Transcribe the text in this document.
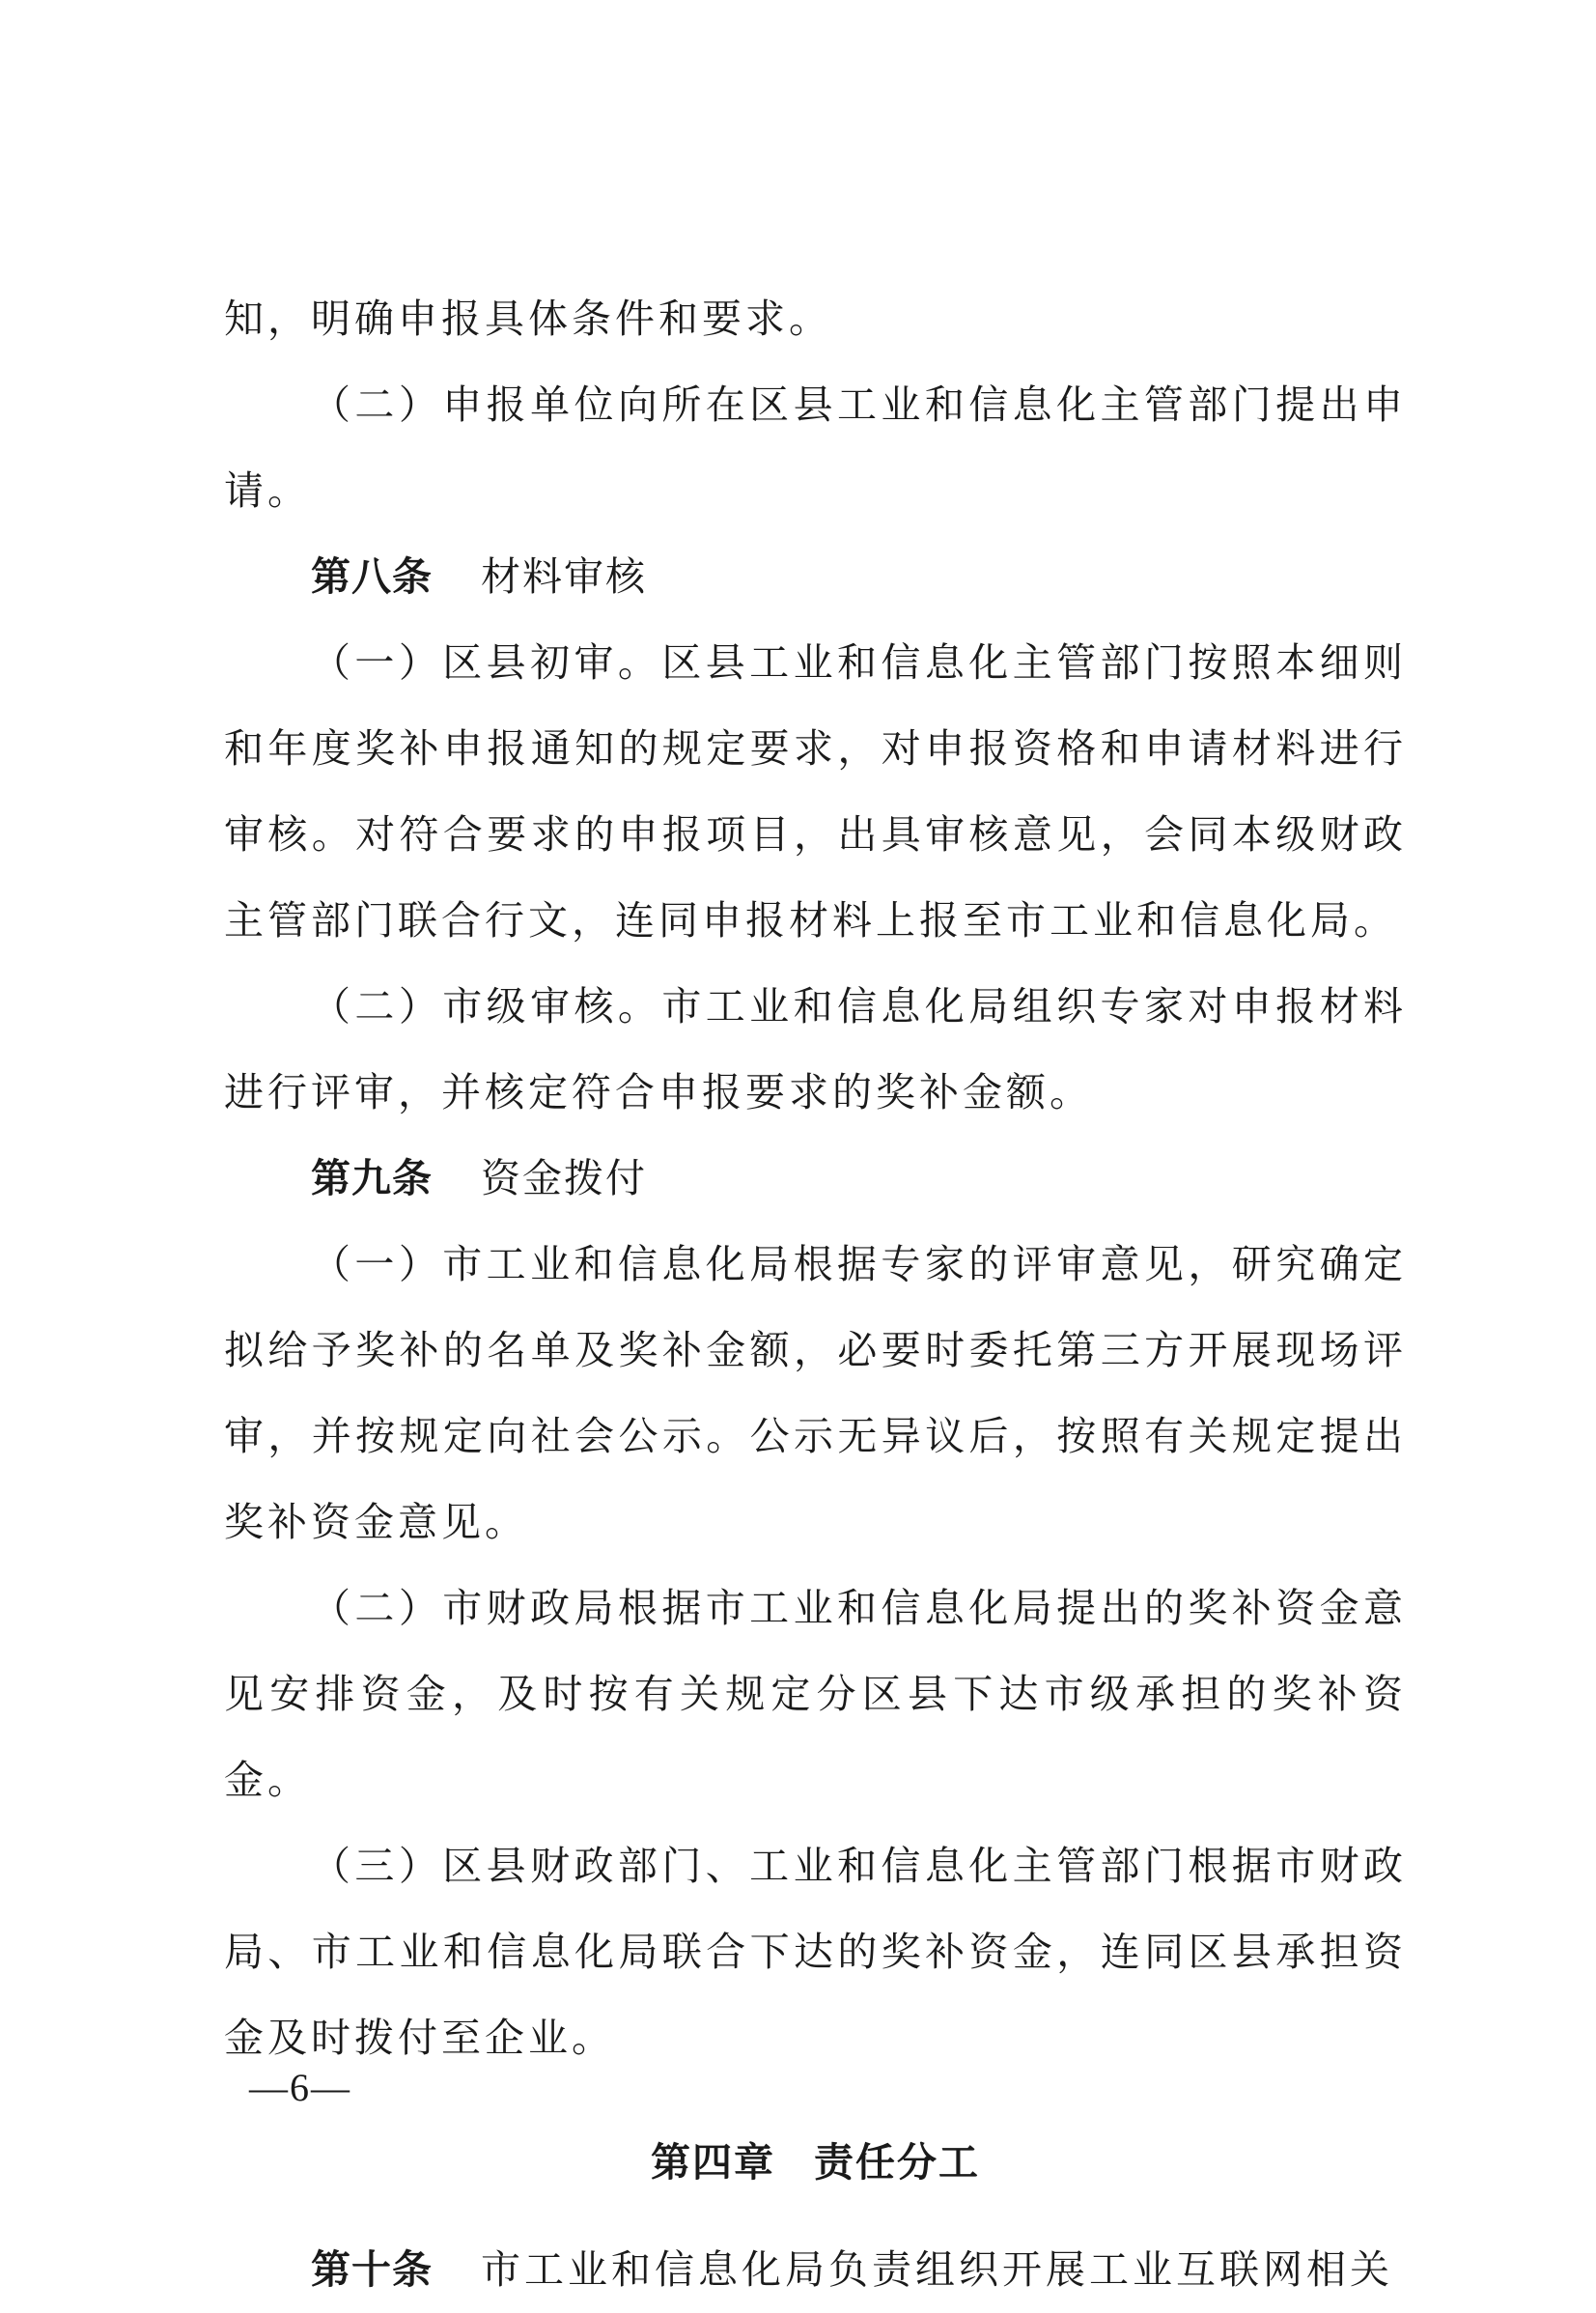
知，明确申报具体条件和要求。

（二）申报单位向所在区县工业和信息化主管部门提出申请。

第八条 材料审核

（一）区县初审。区县工业和信息化主管部门按照本细则和年度奖补申报通知的规定要求，对申报资格和申请材料进行审核。对符合要求的申报项目，出具审核意见，会同本级财政主管部门联合行文，连同申报材料上报至市工业和信息化局。

（二）市级审核。市工业和信息化局组织专家对申报材料进行评审，并核定符合申报要求的奖补金额。

第九条 资金拨付

（一）市工业和信息化局根据专家的评审意见，研究确定拟给予奖补的名单及奖补金额，必要时委托第三方开展现场评审，并按规定向社会公示。公示无异议后，按照有关规定提出奖补资金意见。

（二）市财政局根据市工业和信息化局提出的奖补资金意见安排资金，及时按有关规定分区县下达市级承担的奖补资金。

（三）区县财政部门、工业和信息化主管部门根据市财政局、市工业和信息化局联合下达的奖补资金，连同区县承担资金及时拨付至企业。

第四章 责任分工

第十条 市工业和信息化局负责组织开展工业互联网相关

—6—
